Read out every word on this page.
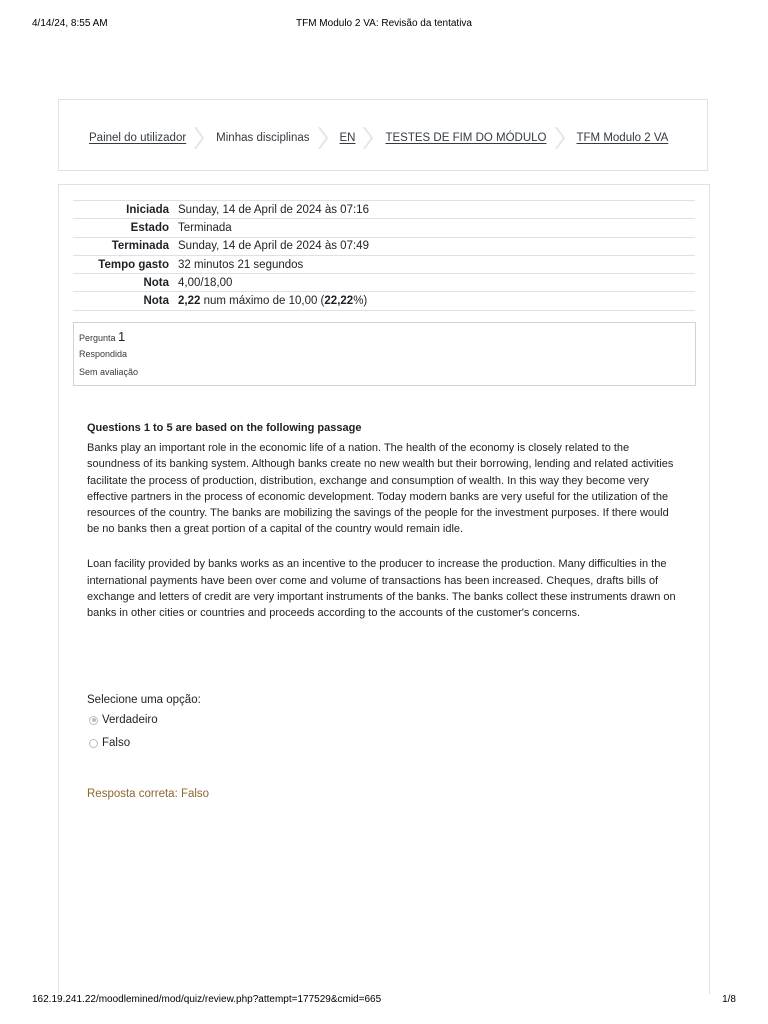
4/14/24, 8:55 AM	TFM Modulo 2 VA: Revisão da tentativa
Painel do utilizador	Minhas disciplinas	EN	TESTES DE FIM DO MÓDULO	TFM Modulo 2 VA
Iniciada	Sunday, 14 de April de 2024 às 07:16
Estado	Terminada
Terminada	Sunday, 14 de April de 2024 às 07:49
Tempo gasto	32 minutos 21 segundos
Nota	4,00/18,00
Nota	2,22 num máximo de 10,00 (22,22%)
Pergunta 1
Respondida
Sem avaliação
Questions 1 to 5 are based on the following passage

Banks play an important role in the economic life of a nation. The health of the economy is closely related to the soundness of its banking system. Although banks create no new wealth but their borrowing, lending and related activities facilitate the process of production, distribution, exchange and consumption of wealth. In this way they become very effective partners in the process of economic development. Today modern banks are very useful for the utilization of the resources of the country. The banks are mobilizing the savings of the people for the investment purposes. If there would be no banks then a great portion of a capital of the country would remain idle.

Loan facility provided by banks works as an incentive to the producer to increase the production. Many difficulties in the international payments have been over come and volume of transactions has been increased. Cheques, drafts bills of exchange and letters of credit are very important instruments of the banks. The banks collect these instruments drawn on banks in other cities or countries and proceeds according to the accounts of the customer's concerns.

Selecione uma opção:
Verdadeiro
Falso
Resposta correta: Falso
162.19.241.22/moodlemined/mod/quiz/review.php?attempt=177529&cmid=665	1/8
